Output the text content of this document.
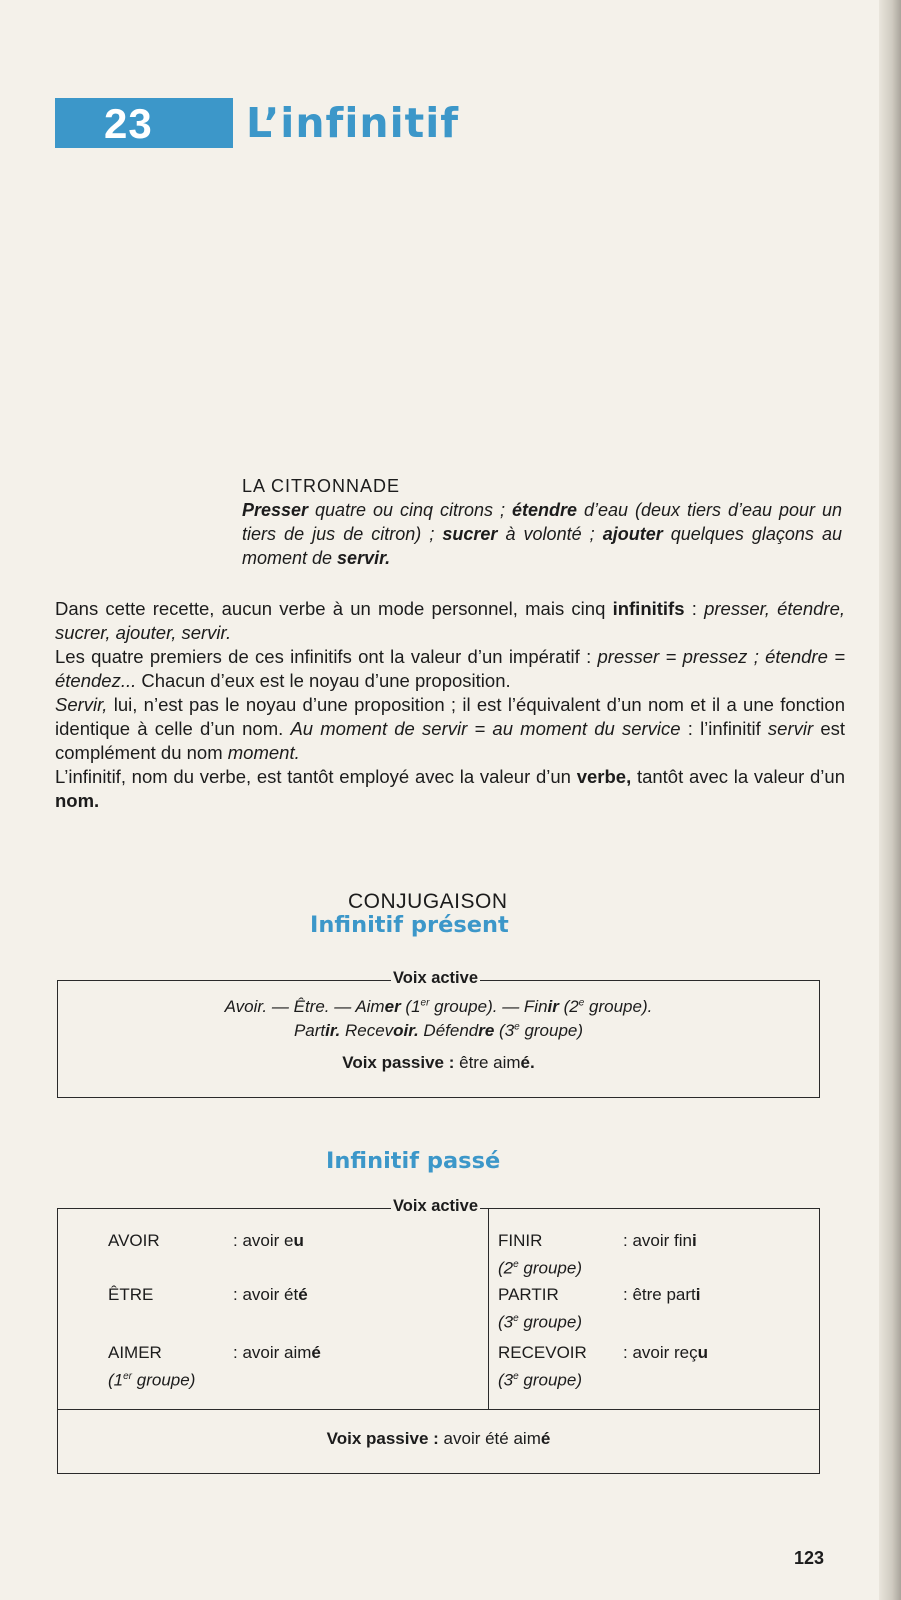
23 L’infinitif
LA CITRONNADE
Presser quatre ou cinq citrons ; étendre d’eau (deux tiers d’eau pour un tiers de jus de citron) ; sucrer à volonté ; ajouter quelques glaçons au moment de servir.

Dans cette recette, aucun verbe à un mode personnel, mais cinq infinitifs : presser, étendre, sucrer, ajouter, servir.

Les quatre premiers de ces infinitifs ont la valeur d’un impératif : presser = pressez ; étendre = étendez... Chacun d’eux est le noyau d’une proposition.

Servir, lui, n’est pas le noyau d’une proposition ; il est l’équivalent d’un nom et il a une fonction identique à celle d’un nom. Au moment de servir = au moment du service : l’infinitif servir est complément du nom moment.

L’infinitif, nom du verbe, est tantôt employé avec la valeur d’un verbe, tantôt avec la valeur d’un nom.

CONJUGAISON
Infinitif présent
Voix active
Avoir. — Être. — Aimer (1er groupe). — Finir (2e groupe).
Partir. Recevoir. Défendre (3e groupe)
Voix passive : être aimé.
Infinitif passé
Voix active
AVOIR	: avoir eu
ÊTRE	: avoir été
AIMER
(1er groupe)
: avoir aimé
FINIR
(2e groupe)
: avoir fini
PARTIR
(3e groupe)
: être parti
RECEVOIR
(3e groupe)
: avoir reçu
Voix passive : avoir été aimé
123
